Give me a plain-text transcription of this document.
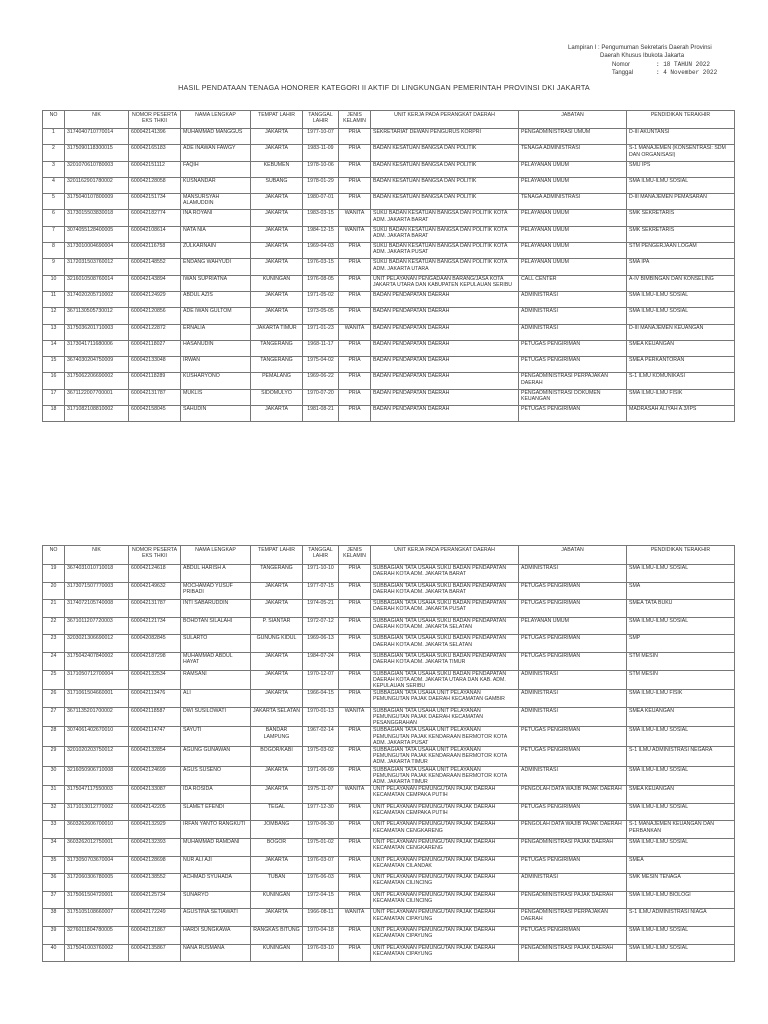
Lampiran I :
Pengumuman Sekretaris Daerah Provinsi
Daerah Khusus Ibukota Jakarta
Nomor	: 18 TAHUN 2022
Tanggal	: 4 November 2022
HASIL PENDATAAN TENAGA HONORER KATEGORI II AKTIF DI LINGKUNGAN PEMERINTAH PROVINSI DKI JAKARTA
NO	NIK	NOMOR PESERTA EKS THKII	NAMA LENGKAP	TEMPAT LAHIR	TANGGAL LAHIR	JENIS KELAMIN	UNIT KERJA PADA PERANGKAT DAERAH	JABATAN	PENDIDIKAN TERAKHIR
1	3174040710770014	600042141396	MUHAMMAD MANGGUS	JAKARTA	1977-10-07	PRIA	SEKRETARIAT DEWAN PENGURUS KORPRI	PENGADMINISTRASI UMUM	D-III AKUNTANSI
2	3175090118300015	600042165183	ADE INAWAN FAWGY	JAKARTA	1983-11-09	PRIA	BADAN KESATUAN BANGSA DAN POLITIK	TENAGA ADMINISTRASI	S-1 MANAJEMEN (KONSENTRASI: SDM DAN ORGANISASI)
3	3201070610780003	600042151112	FAQIH	KEBUMEN	1978-10-06	PRIA	BADAN KESATUAN BANGSA DAN POLITIK	PELAYANAN UMUM	SMU IPS
4	3201162901780002	600042128058	KUSNANDAR	SUBANG	1978-01-29	PRIA	BADAN KESATUAN BANGSA DAN POLITIK	PELAYANAN UMUM	SMA ILMU-ILMU SOSIAL
5	3175040107800009	600042151734	MANSURSYAH ALAMUDDIN	JAKARTA	1980-07-01	PRIA	BADAN KESATUAN BANGSA DAN POLITIK	TENAGA ADMINISTRASI	D-III MANAJEMEN PEMASARAN
6	3173015503830018	600042182774	INA ROYANI	JAKARTA	1983-03-15	WANITA	SUKU BADAN KESATUAN BANGSA DAN POLITIK KOTA ADM. JAKARTA BARAT	PELAYANAN UMUM	SMK SEKRETARIS
7	3074055128400005	600042108614	NATA NIA	JAKARTA	1984-12-15	WANITA	SUKU BADAN KESATUAN BANGSA DAN POLITIK KOTA ADM. JAKARTA BARAT	PELAYANAN UMUM	SMK SEKRETARIS
8	3173010004690004	600042116758	ZULKARNAIN	JAKARTA	1969-04-03	PRIA	SUKU BADAN KESATUAN BANGSA DAN POLITIK KOTA ADM. JAKARTA PUSAT	PELAYANAN UMUM	STM PENGERJAAN LOGAM
9	3172031503760012	600042148552	ENDANG WAHYUDI	JAKARTA	1976-03-15	PRIA	SUKU BADAN KESATUAN BANGSA DAN POLITIK KOTA ADM. JAKARTA UTARA	PELAYANAN UMUM	SMA IPA
10	3216010508760014	600042143894	IWAN SUPRIATNA	KUNINGAN	1976-08-05	PRIA	UNIT PELAYANAN PENGADAAN BARANG/JASA KOTA JAKARTA UTARA DAN KABUPATEN KEPULAUAN SERIBU	CALL CENTER	A-IV BIMBINGAN DAN KONSELING
11	3174020205710002	600042124929	ABDUL AZIS	JAKARTA	1971-05-02	PRIA	BADAN PENDAPATAN DAERAH	ADMINISTRASI	SMA ILMU-ILMU SOSIAL
12	3671130505730012	600042120856	ADE IWAN GULTOM	JAKARTA	1973-05-05	PRIA	BADAN PENDAPATAN DAERAH	ADMINISTRASI	SMA ILMU-ILMU SOSIAL
13	3175036201710003	600042122872	ERNALIA	JAKARTA TIMUR	1971-01-23	WANITA	BADAN PENDAPATAN DAERAH	ADMINISTRASI	D-III MANAJEMEN KEUANGAN
14	3173041711680006	600042118027	HASANUDIN	TANGERANG	1968-11-17	PRIA	BADAN PENDAPATAN DAERAH	PETUGAS PENGIRIMAN	SMEA KEUANGAN
15	3674030204750009	600042133048	IRWAN	TANGERANG	1975-04-02	PRIA	BADAN PENDAPATAN DAERAH	PETUGAS PENGIRIMAN	SMEA PERKANTORAN
16	3175062206690002	600042118289	KUSHARYONO	PEMALANG	1969-06-22	PRIA	BADAN PENDAPATAN DAERAH	PENGADMINISTRASI PERPAJAKAN DAERAH	S-1 ILMU KOMUNIKASI
17	3671122007700001	600042131787	MUKLIS	SIDOMULYO	1970-07-20	PRIA	BADAN PENDAPATAN DAERAH	PENGADMINISTRASI DOKUMEN KEUANGAN	SMA ILMU-ILMU FISIK
18	3171082108810002	600042158045	SAHUDIN	JAKARTA	1981-08-21	PRIA	BADAN PENDAPATAN DAERAH	PETUGAS PENGIRIMAN	MADRASAH ALIYAH A.3/IPS
NO	NIK	NOMOR PESERTA EKS THKII	NAMA LENGKAP	TEMPAT LAHIR	TANGGAL LAHIR	JENIS KELAMIN	UNIT KERJA PADA PERANGKAT DAERAH	JABATAN	PENDIDIKAN TERAKHIR
19	3674031010710018	600042124618	ABDUL HARISH A	TANGERANG	1971-10-10	PRIA	SUBBAGIAN TATA USAHA SUKU BADAN PENDAPATAN DAERAH KOTA ADM. JAKARTA BARAT	ADMINISTRASI	SMA ILMU-ILMU SOSIAL
20	3173071507770003	600042149632	MOCHAMAD YUSUF PRIBADI	JAKARTA	1977-07-15	PRIA	SUBBAGIAN TATA USAHA SUKU BADAN PENDAPATAN DAERAH KOTA ADM. JAKARTA BARAT	PETUGAS PENGIRIMAN	SMA
21	3174072105740008	600042131787	INTI SABARUDDIN	JAKARTA	1974-05-21	PRIA	SUBBAGIAN TATA USAHA SUKU BADAN PENDAPATAN DAERAH KOTA ADM. JAKARTA PUSAT	PETUGAS PENGIRIMAN	SMEA TATA BUKU
22	3671011207720003	600042121734	BOHDTAN SILALAHI	P. SIANTAR	1972-07-12	PRIA	SUBBAGIAN TATA USAHA SUKU BADAN PENDAPATAN DAERAH KOTA ADM. JAKARTA SELATAN	PELAYANAN UMUM	SMA ILMU-ILMU SOSIAL
23	3203021306690012	600042082845	SULARTO	GUNUNG KIDUL	1969-06-13	PRIA	SUBBAGIAN TATA USAHA SUKU BADAN PENDAPATAN DAERAH KOTA ADM. JAKARTA SELATAN	PETUGAS PENGIRIMAN	SMP
24	3175042407840002	600042187298	MUHAMMAD ABDUL HAYAT	JAKARTA	1984-07-24	PRIA	SUBBAGIAN TATA USAHA SUKU BADAN PENDAPATAN DAERAH KOTA ADM. JAKARTA TIMUR	PETUGAS PENGIRIMAN	STM MESIN
25	3171050712700004	600042132534	RAMSANI	JAKARTA	1970-12-07	PRIA	SUBBAGIAN TATA USAHA SUKU BADAN PENDAPATAN DAERAH KOTA ADM. JAKARTA UTARA DAN KAB. ADM. KEPULAUAN SERIBU	ADMINISTRASI	STM MESIN
26	3171061504660001	600042113476	ALI	JAKARTA	1966-04-15	PRIA	SUBBAGIAN TATA USAHA UNIT PELAYANAN PEMUNGUTAN PAJAK DAERAH KECAMATAN GAMBIR	ADMINISTRASI	SMA ILMU-ILMU FISIK
27	3671135201700002	600042118587	DWI SUSILOWATI	JAKARTA SELATAN	1970-01-13	WANITA	SUBBAGIAN TATA USAHA UNIT PELAYANAN PEMUNGUTAN PAJAK DAERAH KECAMATAN PESANGGRAHAN	ADMINISTRASI	SMEA KEUANGAN
28	3074061402670010	600042114747	SAYUTI	BANDAR LAMPUNG	1967-02-14	PRIA	SUBBAGIAN TATA USAHA UNIT PELAYANAN PEMUNGUTAN PAJAK KENDARAAN BERMOTOR KOTA ADM. JAKARTA PUSAT	PETUGAS PENGIRIMAN	SMA ILMU-ILMU SOSIAL
29	3201020203750012	600042132854	AGUNG GUNAWAN	BOGOR/KABI	1975-03-02	PRIA	SUBBAGIAN TATA USAHA UNIT PELAYANAN PEMUNGUTAN PAJAK KENDARAAN BERMOTOR KOTA ADM. JAKARTA TIMUR	PETUGAS PENGIRIMAN	S-1 ILMU ADMINISTRASI NEGARA
30	3216050906710008	600042124699	AGUS SUSENO	JAKARTA	1971-06-09	PRIA	SUBBAGIAN TATA USAHA UNIT PELAYANAN PEMUNGUTAN PAJAK KENDARAAN BERMOTOR KOTA ADM. JAKARTA TIMUR	ADMINISTRASI	SMA ILMU-ILMU SOSIAL
31	3175047117550003	600042133087	IDA ROSIDA	JAKARTA	1975-11-07	WANITA	UNIT PELAYANAN PEMUNGUTAN PAJAK DAERAH KECAMATAN CEMPAKA PUTIH	PENGOLAH DATA WAJIB PAJAK DAERAH	SMEA KEUANGAN
32	3171013012770002	600042142205	SLAMET EFENDI	TEGAL	1977-12-30	PRIA	UNIT PELAYANAN PEMUNGUTAN PAJAK DAERAH KECAMATAN CEMPAKA PUTIH	PETUGAS PENGIRIMAN	SMA ILMU-ILMU SOSIAL
33	3603262606700010	600042132929	IRFAN YANTO RANGKUTI	JOMBANG	1970-06-30	PRIA	UNIT PELAYANAN PEMUNGUTAN PAJAK DAERAH KECAMATAN CENGKARENG	PENGOLAH DATA WAJIB PAJAK DAERAH	S-1 MANAJEMEN KEUANGAN DAN PERBANKAN
34	3603262012750001	600042132393	MUHAMMAD RAMDANI	BOGOR	1975-01-02	PRIA	UNIT PELAYANAN PEMUNGUTAN PAJAK DAERAH KECAMATAN CENGKARENG	PENGADMINISTRASI PAJAK DAERAH	SMA ILMU-ILMU SOSIAL
35	3173050703670004	600042128698	NUR ALI AJI	JAKARTA	1976-03-07	PRIA	UNIT PELAYANAN PEMUNGUTAN PAJAK DAERAH KECAMATAN CILANDAK	PETUGAS PENGIRIMAN	SMEA
36	3172060306780005	600042138552	ACHMAD SYUHADA	TUBAN	1976-06-03	PRIA	UNIT PELAYANAN PEMUNGUTAN PAJAK DAERAH KECAMATAN CILINCING	ADMINISTRASI	SMK MESIN TENAGA
37	3175061504720001	600042125734	SUNARYO	KUNINGAN	1972-04-15	PRIA	UNIT PELAYANAN PEMUNGUTAN PAJAK DAERAH KECAMATAN CILINCING	PENGADMINISTRASI PAJAK DAERAH	SMA ILMU-ILMU BIOLOGI
38	3175105108660007	600042172249	AGUSTINA SETIAWATI	JAKARTA	1966-08-11	WANITA	UNIT PELAYANAN PEMUNGUTAN PAJAK DAERAH KECAMATAN CIPAYUNG	PENGADMINISTRASI PERPAJAKAN DAERAH	S-1 ILMU ADMINISTRASI NIAGA
39	3276011804780005	600042121867	HARDI SUNGKAWA	RANGKAS BITUNG	1970-04-18	PRIA	UNIT PELAYANAN PEMUNGUTAN PAJAK DAERAH KECAMATAN CIPAYUNG	PETUGAS PENGIRIMAN	SMA ILMU-ILMU SOSIAL
40	3175041003760002	600042135867	NANA RUSMANA	KUNINGAN	1976-03-10	PRIA	UNIT PELAYANAN PEMUNGUTAN PAJAK DAERAH KECAMATAN CIPAYUNG	PENGADMINISTRASI PAJAK DAERAH	SMA ILMU-ILMU SOSIAL
